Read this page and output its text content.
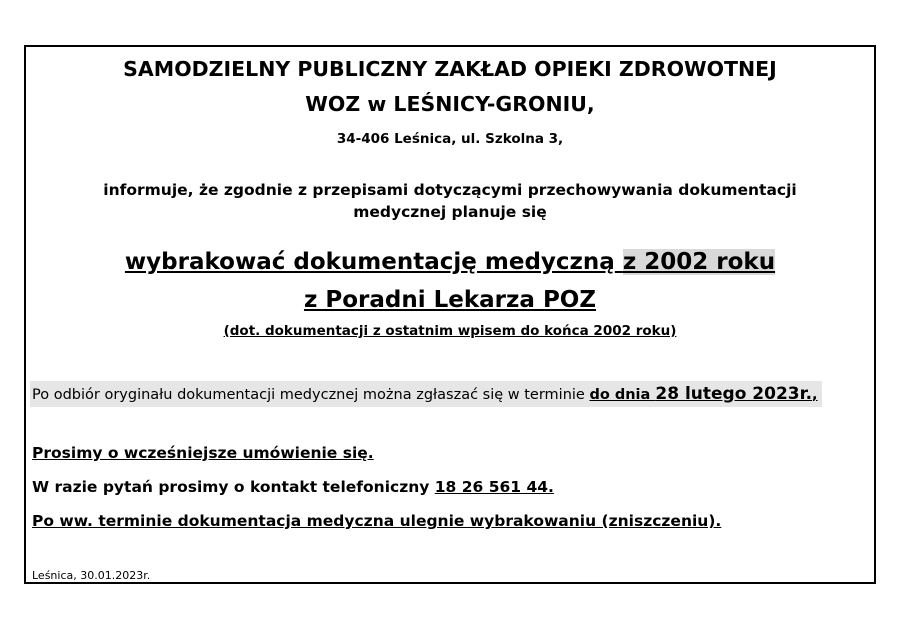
SAMODZIELNY PUBLICZNY ZAKŁAD OPIEKI ZDROWOTNEJ
WOZ w LEŚNICY-GRONIU,
34-406 Leśnica, ul. Szkolna 3,
informuje, że zgodnie z przepisami dotyczącymi przechowywania dokumentacji
medycznej planuje się
wybrakować dokumentację medyczną z 2002 roku
z Poradni Lekarza POZ
(dot. dokumentacji z ostatnim wpisem do końca 2002 roku)
Po odbiór oryginału dokumentacji medycznej można zgłaszać się w terminie do dnia 28 lutego 2023r.,
Prosimy o wcześniejsze umówienie się.
W razie pytań prosimy o kontakt telefoniczny 18 26 561 44.
Po ww. terminie dokumentacja medyczna ulegnie wybrakowaniu (zniszczeniu).
Leśnica, 30.01.2023r.
